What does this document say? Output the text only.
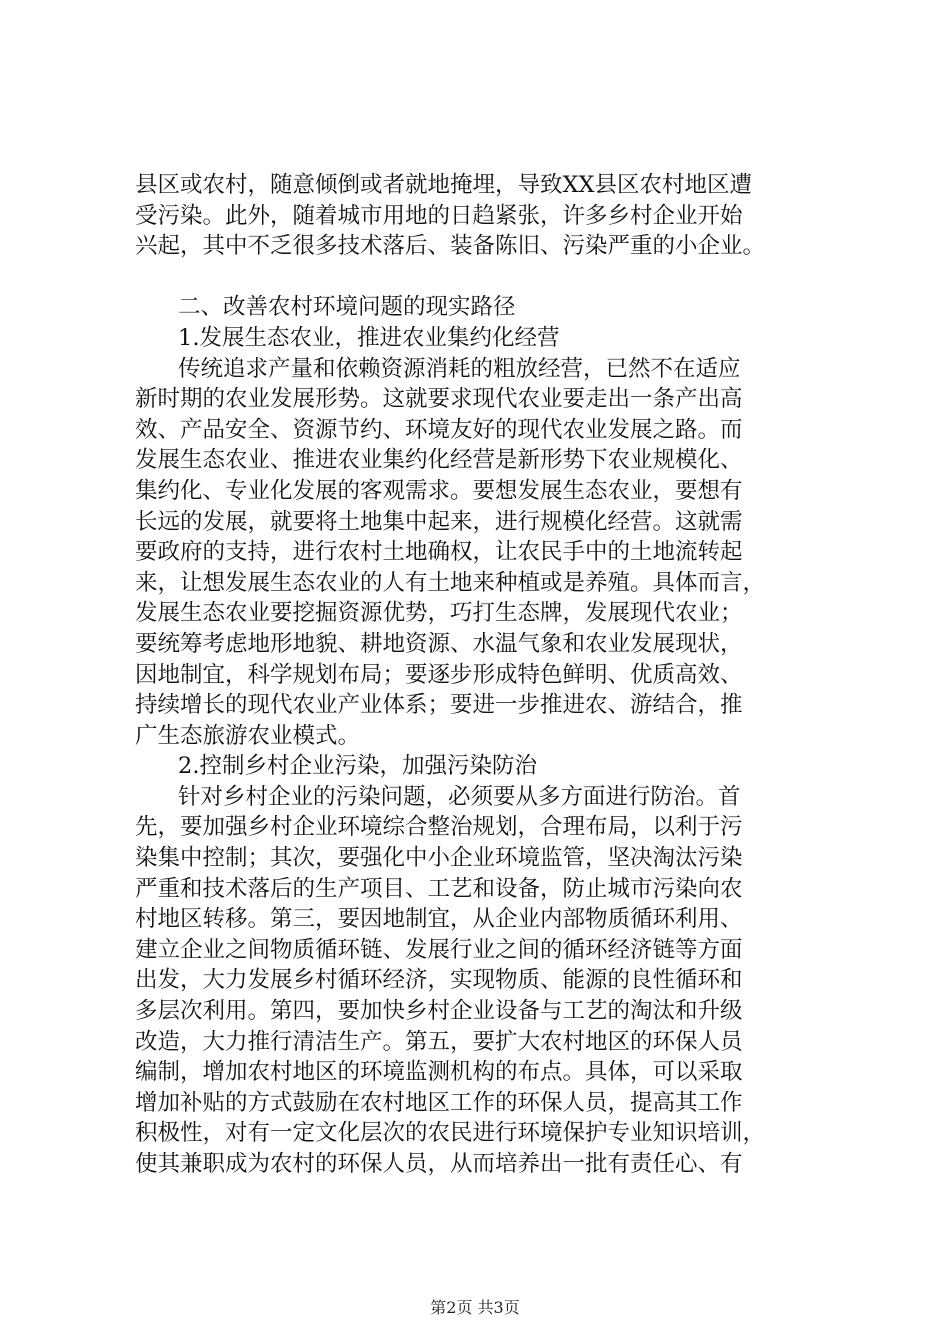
县区或农村，随意倾倒或者就地掩埋，导致XX县区农村地区遭
受污染。此外，随着城市用地的日趋紧张，许多乡村企业开始
兴起，其中不乏很多技术落后、装备陈旧、污染严重的小企业。
二、改善农村环境问题的现实路径
1.发展生态农业，推进农业集约化经营
传统追求产量和依赖资源消耗的粗放经营，已然不在适应
新时期的农业发展形势。这就要求现代农业要走出一条产出高
效、产品安全、资源节约、环境友好的现代农业发展之路。而
发展生态农业、推进农业集约化经营是新形势下农业规模化、
集约化、专业化发展的客观需求。要想发展生态农业，要想有
长远的发展，就要将土地集中起来，进行规模化经营。这就需
要政府的支持，进行农村土地确权，让农民手中的土地流转起
来，让想发展生态农业的人有土地来种植或是养殖。具体而言，
发展生态农业要挖掘资源优势，巧打生态牌，发展现代农业；
要统筹考虑地形地貌、耕地资源、水温气象和农业发展现状，
因地制宜，科学规划布局；要逐步形成特色鲜明、优质高效、
持续增长的现代农业产业体系；要进一步推进农、游结合，推
广生态旅游农业模式。
2.控制乡村企业污染，加强污染防治
针对乡村企业的污染问题，必须要从多方面进行防治。首
先，要加强乡村企业环境综合整治规划，合理布局，以利于污
染集中控制；其次，要强化中小企业环境监管，坚决淘汰污染
严重和技术落后的生产项目、工艺和设备，防止城市污染向农
村地区转移。第三，要因地制宜，从企业内部物质循环利用、
建立企业之间物质循环链、发展行业之间的循环经济链等方面
出发，大力发展乡村循环经济，实现物质、能源的良性循环和
多层次利用。第四，要加快乡村企业设备与工艺的淘汰和升级
改造，大力推行清洁生产。第五，要扩大农村地区的环保人员
编制，增加农村地区的环境监测机构的布点。具体，可以采取
增加补贴的方式鼓励在农村地区工作的环保人员，提高其工作
积极性，对有一定文化层次的农民进行环境保护专业知识培训，
使其兼职成为农村的环保人员，从而培养出一批有责任心、有
第2页 共3页
